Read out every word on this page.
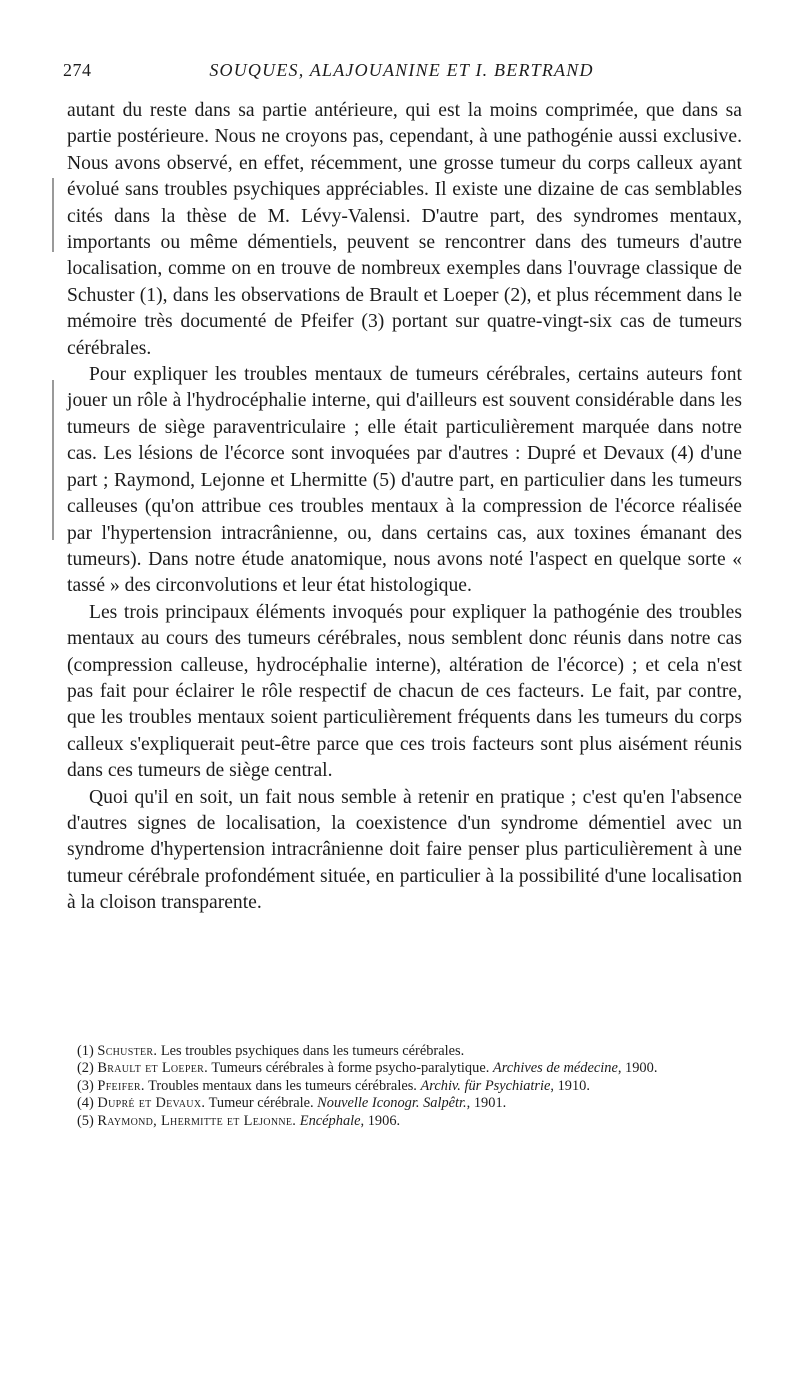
274	SOUQUES, ALAJOUANINE ET I. BERTRAND

autant du reste dans sa partie antérieure, qui est la moins comprimée, que dans sa partie postérieure. Nous ne croyons pas, cependant, à une pathogénie aussi exclusive. Nous avons observé, en effet, récemment, une grosse tumeur du corps calleux ayant évolué sans troubles psychiques appréciables. Il existe une dizaine de cas semblables cités dans la thèse de M. Lévy-Valensi. D'autre part, des syndromes mentaux, importants ou même démentiels, peuvent se rencontrer dans des tumeurs d'autre localisation, comme on en trouve de nombreux exemples dans l'ouvrage classique de Schuster (1), dans les observations de Brault et Loeper (2), et plus récemment dans le mémoire très documenté de Pfeifer (3) portant sur quatre-vingt-six cas de tumeurs cérébrales.

Pour expliquer les troubles mentaux de tumeurs cérébrales, certains auteurs font jouer un rôle à l'hydrocéphalie interne, qui d'ailleurs est souvent considérable dans les tumeurs de siège paraventriculaire ; elle était particulièrement marquée dans notre cas. Les lésions de l'écorce sont invoquées par d'autres : Dupré et Devaux (4) d'une part ; Raymond, Lejonne et Lhermitte (5) d'autre part, en particulier dans les tumeurs calleuses (qu'on attribue ces troubles mentaux à la compression de l'écorce réalisée par l'hypertension intracrânienne, ou, dans certains cas, aux toxines émanant des tumeurs). Dans notre étude anatomique, nous avons noté l'aspect en quelque sorte « tassé » des circonvolutions et leur état histologique.

Les trois principaux éléments invoqués pour expliquer la pathogénie des troubles mentaux au cours des tumeurs cérébrales, nous semblent donc réunis dans notre cas (compression calleuse, hydrocéphalie interne), altération de l'écorce) ; et cela n'est pas fait pour éclairer le rôle respectif de chacun de ces facteurs. Le fait, par contre, que les troubles mentaux soient particulièrement fréquents dans les tumeurs du corps calleux s'expliquerait peut-être parce que ces trois facteurs sont plus aisément réunis dans ces tumeurs de siège central.

Quoi qu'il en soit, un fait nous semble à retenir en pratique ; c'est qu'en l'absence d'autres signes de localisation, la coexistence d'un syndrome démentiel avec un syndrome d'hypertension intracrânienne doit faire penser plus particulièrement à une tumeur cérébrale profondément située, en particulier à la possibilité d'une localisation à la cloison transparente.

(1) Schuster. Les troubles psychiques dans les tumeurs cérébrales.

(2) Brault et Loeper. Tumeurs cérébrales à forme psycho-paralytique. Archives de médecine, 1900.

(3) Pfeifer. Troubles mentaux dans les tumeurs cérébrales. Archiv. für Psychiatrie, 1910.

(4) Dupré et Devaux. Tumeur cérébrale. Nouvelle Iconogr. Salpêtr., 1901.

(5) Raymond, Lhermitte et Lejonne. Encéphale, 1906.
